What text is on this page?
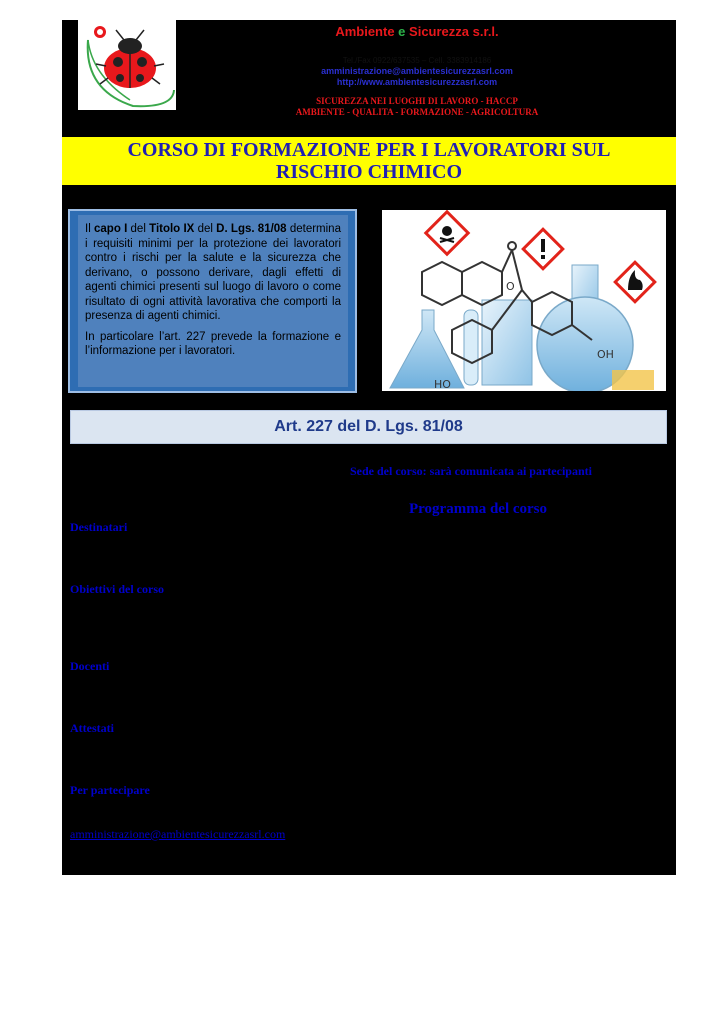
Ambiente e Sicurezza s.r.l.
Tel./Fax 0922/637535 – Cell. 3383914186
amministrazione@ambientesicurezzasrl.com
http://www.ambientesicurezzasrl.com
SICUREZZA NEI LUOGHI DI LAVORO - HACCP
AMBIENTE - QUALITA - FORMAZIONE - AGRICOLTURA
CORSO DI FORMAZIONE PER I LAVORATORI SUL RISCHIO CHIMICO

Il capo I del Titolo IX del D. Lgs. 81/08 determina i requisiti minimi per la protezione dei lavoratori contro i rischi per la salute e la sicurezza che derivano, o possono derivare, dagli effetti di agenti chimici presenti sul luogo di lavoro o come risultato di ogni attività lavorativa che comporti la presenza di agenti chimici.

In particolare l’art. 227 prevede la formazione e l’informazione per i lavoratori.

O
HO
OH
Art. 227 del D. Lgs. 81/08
Sede del corso: sarà comunicata ai partecipanti
Programma del corso
Destinatari
Obiettivi del corso
Docenti
Attestati
Per partecipare
amministrazione@ambientesicurezzasrl.com
